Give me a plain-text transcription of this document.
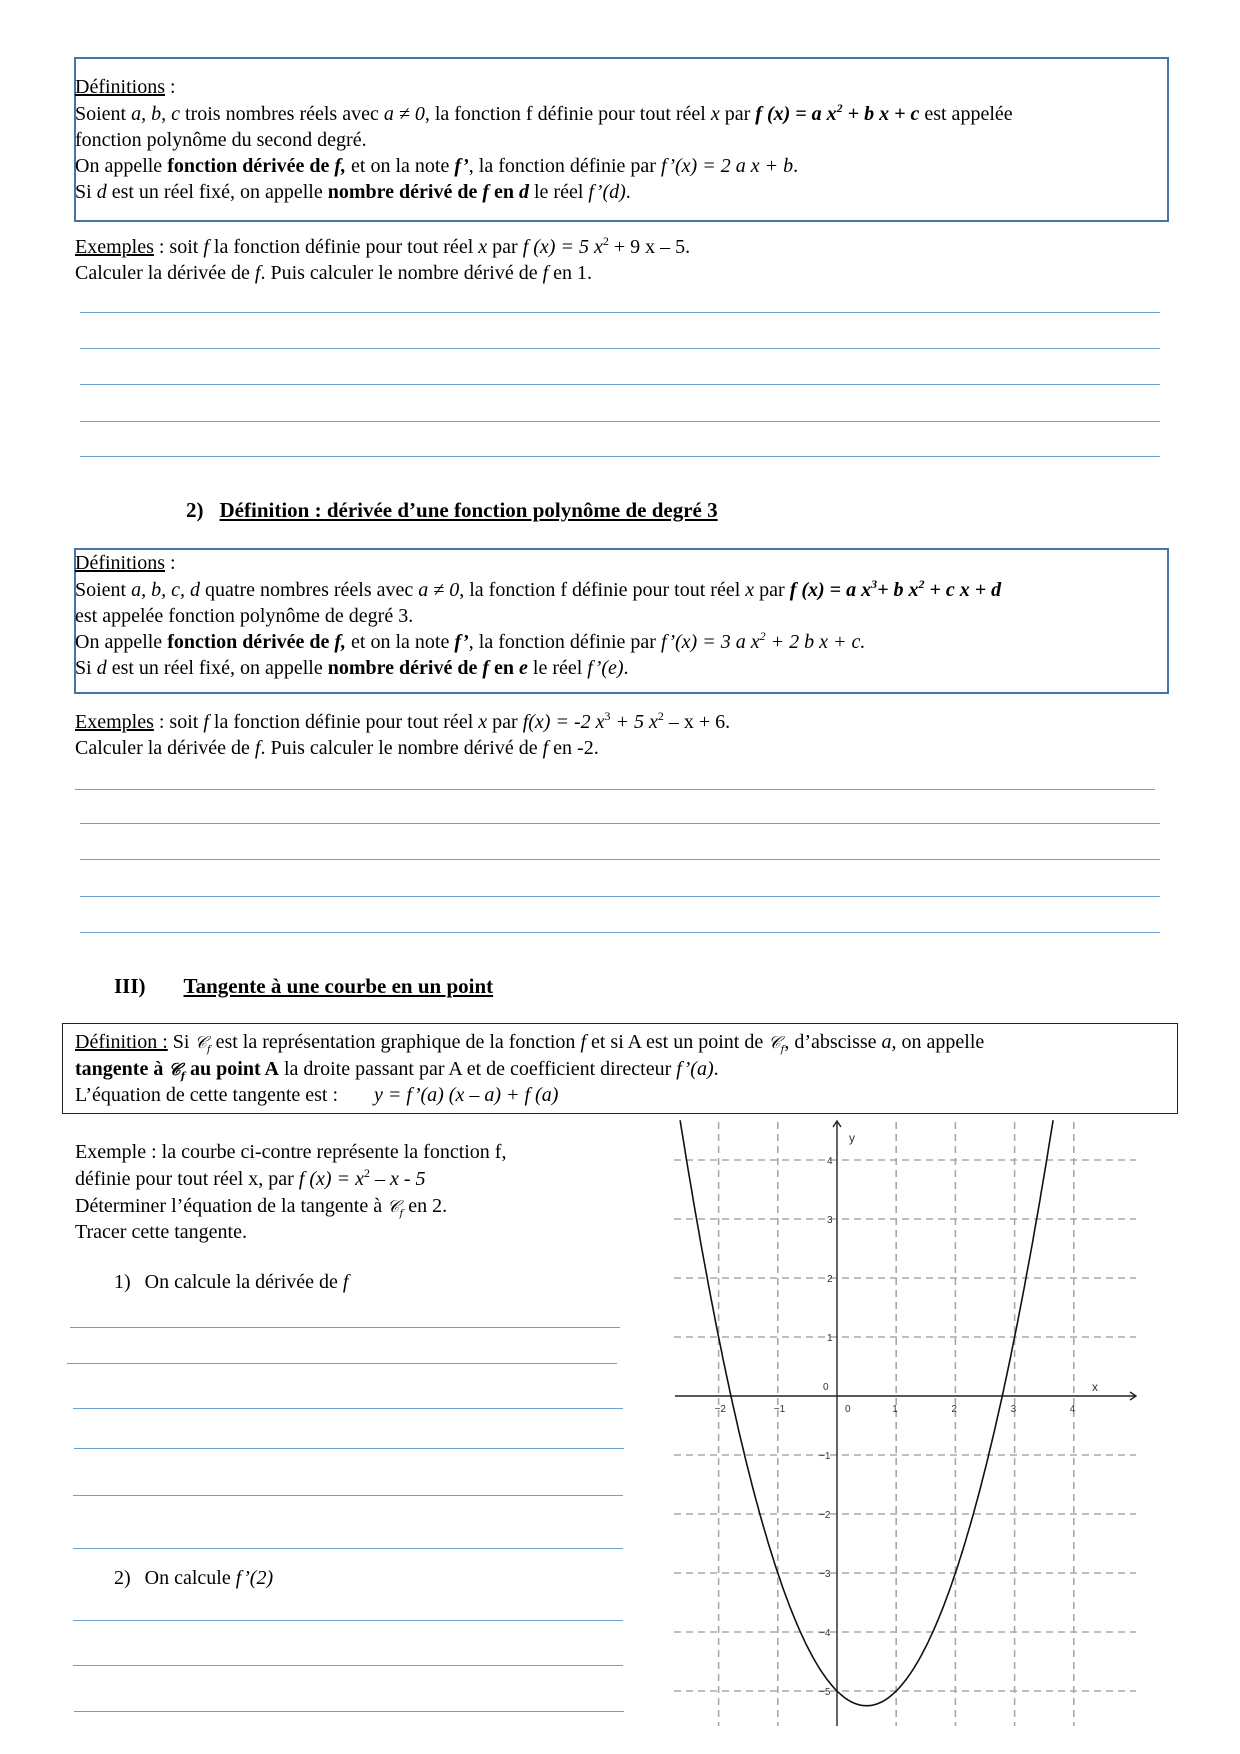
Définitions :
Soient a, b, c trois nombres réels avec a ≠ 0, la fonction f définie pour tout réel x par f (x) = a $x^2 + b$ x + c est appelée
fonction polynôme du second degré.
On appelle fonction dérivée de f, et on la note f’, la fonction définie par f’(x) = 2 a x + b.
Si d est un réel fixé, on appelle nombre dérivé de f en d le réel f’(d).
Exemples : soit f la fonction définie pour tout réel x par f (x) = 5 $x^2 + 9$ x – 5.
Calculer la dérivée de f. Puis calculer le nombre dérivé de f en 1.
2) Définition : dérivée d’une fonction polynôme de degré 3
Définitions :
Soient a, b, c, d quatre nombres réels avec a ≠ 0, la fonction f définie pour tout réel x par f (x) = a $x^3+ b$ $x^2 + c$ x + d
est appelée fonction polynôme de degré 3.
On appelle fonction dérivée de f, et on la note f’, la fonction définie par f’(x) = 3 a $x^2 + 2$ b x + c.
Si d est un réel fixé, on appelle nombre dérivé de f en e le réel f’(e).
Exemples : soit f la fonction définie pour tout réel x par f(x) = -2 $x^3 + 5$ $x^2 - x + 6$.
Calculer la dérivée de f. Puis calculer le nombre dérivé de f en -2.
III) Tangente à une courbe en un point
Définition : Si 𝒞$_f$ est la représentation graphique de la fonction f et si A est un point de 𝒞$_f$, d’abscisse a, on appelle
tangente à 𝒞$_f$ au point A la droite passant par A et de coefficient directeur f’(a).
L’équation de cette tangente est : y = f’(a) (x – a) + f (a)
Exemple : la courbe ci-contre représente la fonction f,
définie pour tout réel x, par f $(x) = x^2 - x - 5$
Déterminer l’équation de la tangente à 𝒞$_f$ en 2.
Tracer cette tangente.
1) On calcule la dérivée de f
2) On calcule f’(2)
−2	−1	0	1	2	3	4
−5
−4
−3
−2
−1
1
2
3
4
x
y
0
